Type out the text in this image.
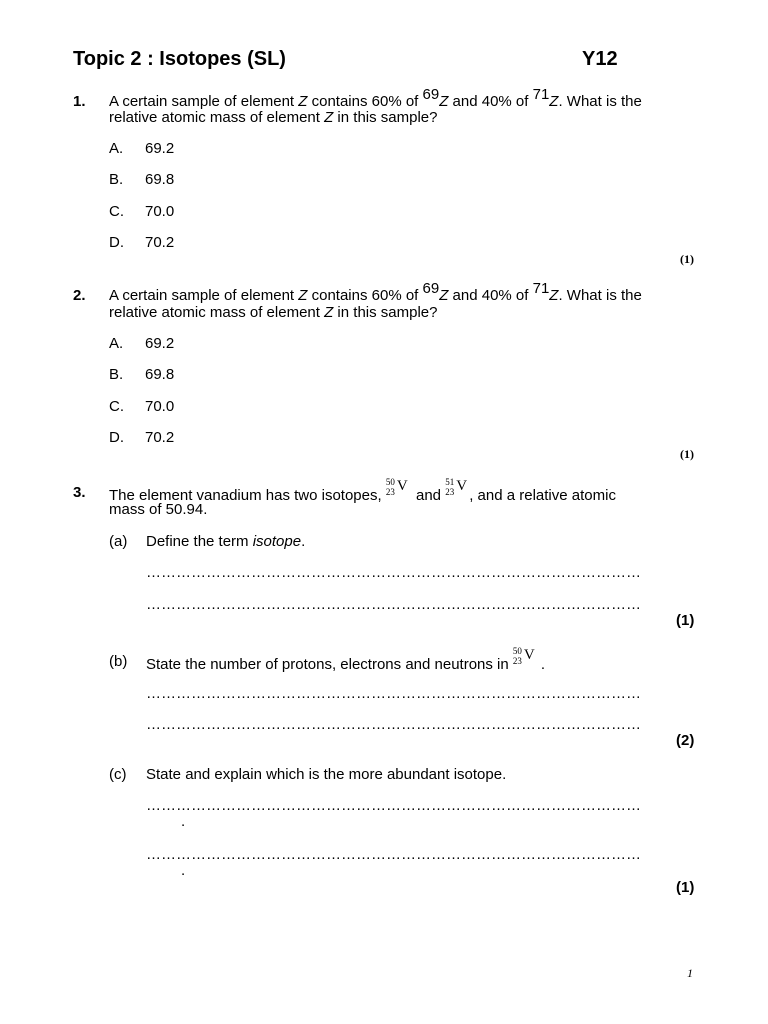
Topic 2 : Isotopes (SL)	Y12
1. A certain sample of element Z contains 60% of 69Z and 40% of 71Z. What is the
relative atomic mass of element Z in this sample?
A. 69.2
B. 69.8
C. 70.0
D. 70.2
(1)
2. A certain sample of element Z contains 60% of 69Z and 40% of 71Z. What is the
relative atomic mass of element Z in this sample?
A. 69.2
B. 69.8
C. 70.0
D. 70.2
(1)
3. The element vanadium has two isotopes,
50
23 V
and
51
23 V
, and a relative atomic
mass of 50.94.
(a) Define the term isotope.
………………………………………………………………………………………
………………………………………………………………………………………
(1)
(b) State the number of protons, electrons and neutrons in
50
23 V
.
………………………………………………………………………………………
………………………………………………………………………………………
(2)
(c) State and explain which is the more abundant isotope.
………………………………………………………………………………………
.
………………………………………………………………………………………
.
(1)
1
